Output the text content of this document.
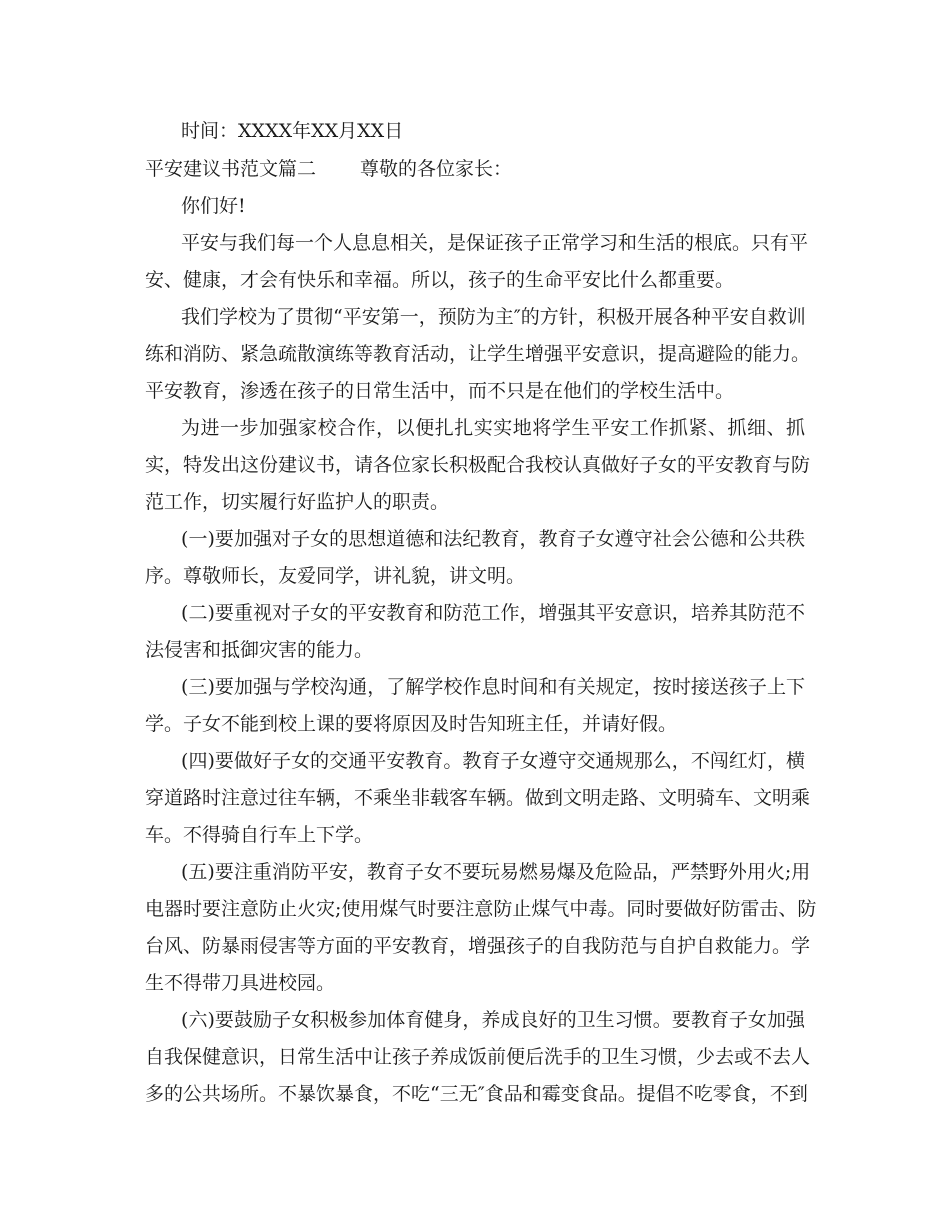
时间：XXXX年XX月XX日
平安建议书范文篇二 尊敬的各位家长：
你们好!
平安与我们每一个人息息相关，是保证孩子正常学习和生活的根底。只有平
安、健康，才会有快乐和幸福。所以，孩子的生命平安比什么都重要。
我们学校为了贯彻“平安第一，预防为主″的方针，积极开展各种平安自救训
练和消防、紧急疏散演练等教育活动，让学生增强平安意识，提高避险的能力。
平安教育，渗透在孩子的日常生活中，而不只是在他们的学校生活中。
为进一步加强家校合作，以便扎扎实实地将学生平安工作抓紧、抓细、抓
实，特发出这份建议书，请各位家长积极配合我校认真做好子女的平安教育与防
范工作，切实履行好监护人的职责。
(一)要加强对子女的思想道德和法纪教育，教育子女遵守社会公德和公共秩
序。尊敬师长，友爱同学，讲礼貌，讲文明。
(二)要重视对子女的平安教育和防范工作，增强其平安意识，培养其防范不
法侵害和抵御灾害的能力。
(三)要加强与学校沟通，了解学校作息时间和有关规定，按时接送孩子上下
学。子女不能到校上课的要将原因及时告知班主任，并请好假。
(四)要做好子女的交通平安教育。教育子女遵守交通规那么，不闯红灯，横
穿道路时注意过往车辆，不乘坐非载客车辆。做到文明走路、文明骑车、文明乘
车。不得骑自行车上下学。
(五)要注重消防平安，教育子女不要玩易燃易爆及危险品，严禁野外用火;用
电器时要注意防止火灾;使用煤气时要注意防止煤气中毒。同时要做好防雷击、防
台风、防暴雨侵害等方面的平安教育，增强孩子的自我防范与自护自救能力。学
生不得带刀具进校园。
(六)要鼓励子女积极参加体育健身，养成良好的卫生习惯。要教育子女加强
自我保健意识，日常生活中让孩子养成饭前便后洗手的卫生习惯，少去或不去人
多的公共场所。不暴饮暴食，不吃“三无″食品和霉变食品。提倡不吃零食，不到
